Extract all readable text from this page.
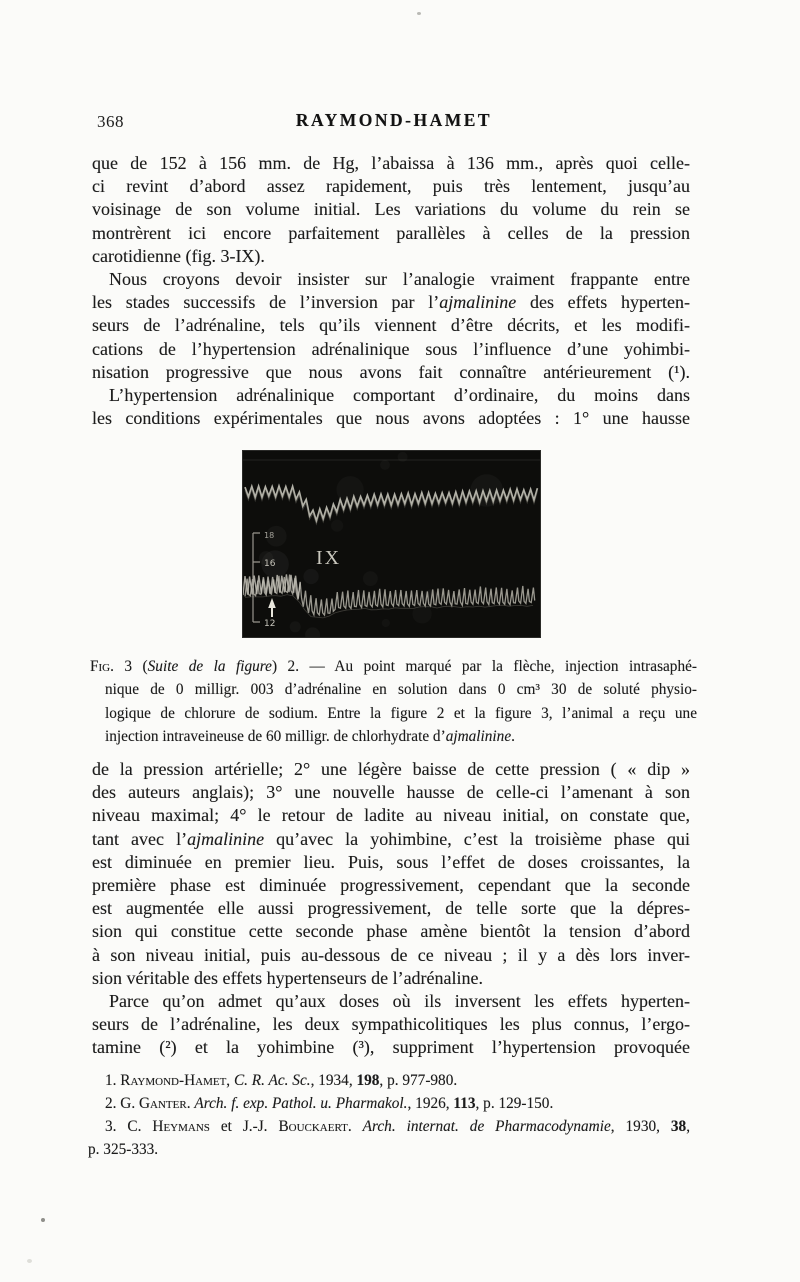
368	RAYMOND-HAMET
que de 152 à 156 mm. de Hg, l’abaissa à 136 mm., après quoi celle-
ci revint d’abord assez rapidement, puis très lentement, jusqu’au
voisinage de son volume initial. Les variations du volume du rein se
montrèrent ici encore parfaitement parallèles à celles de la pression
carotidienne (fig. 3-IX).
Nous croyons devoir insister sur l’analogie vraiment frappante entre
les stades successifs de l’inversion par l’ajmalinine des effets hyperten-
seurs de l’adrénaline, tels qu’ils viennent d’être décrits, et les modifi-
cations de l’hypertension adrénalinique sous l’influence d’une yohimbi-
nisation progressive que nous avons fait connaître antérieurement (¹).
L’hypertension adrénalinique comportant d’ordinaire, du moins dans
les conditions expérimentales que nous avons adoptées : 1° une hausse
18
16
12
IX
Fig. 3 (Suite de la figure) 2. — Au point marqué par la flèche, injection intrasaphé-
nique de 0 milligr. 003 d’adrénaline en solution dans 0 cm³ 30 de soluté physio-
logique de chlorure de sodium. Entre la figure 2 et la figure 3, l’animal a reçu une
injection intraveineuse de 60 milligr. de chlorhydrate d’ajmalinine.
de la pression artérielle; 2° une légère baisse de cette pression ( « dip »
des auteurs anglais); 3° une nouvelle hausse de celle-ci l’amenant à son
niveau maximal; 4° le retour de ladite au niveau initial, on constate que,
tant avec l’ajmalinine qu’avec la yohimbine, c’est la troisième phase qui
est diminuée en premier lieu. Puis, sous l’effet de doses croissantes, la
première phase est diminuée progressivement, cependant que la seconde
est augmentée elle aussi progressivement, de telle sorte que la dépres-
sion qui constitue cette seconde phase amène bientôt la tension d’abord
à son niveau initial, puis au-dessous de ce niveau ; il y a dès lors inver-
sion véritable des effets hypertenseurs de l’adrénaline.
Parce qu’on admet qu’aux doses où ils inversent les effets hyperten-
seurs de l’adrénaline, les deux sympathicolitiques les plus connus, l’ergo-
tamine (²) et la yohimbine (³), suppriment l’hypertension provoquée
1. Raymond-Hamet, C. R. Ac. Sc., 1934, 198, p. 977-980.
2. G. Ganter. Arch. f. exp. Pathol. u. Pharmakol., 1926, 113, p. 129-150.
3. C. Heymans et J.-J. Bouckaert. Arch. internat. de Pharmacodynamie, 1930, 38,
p. 325-333.
